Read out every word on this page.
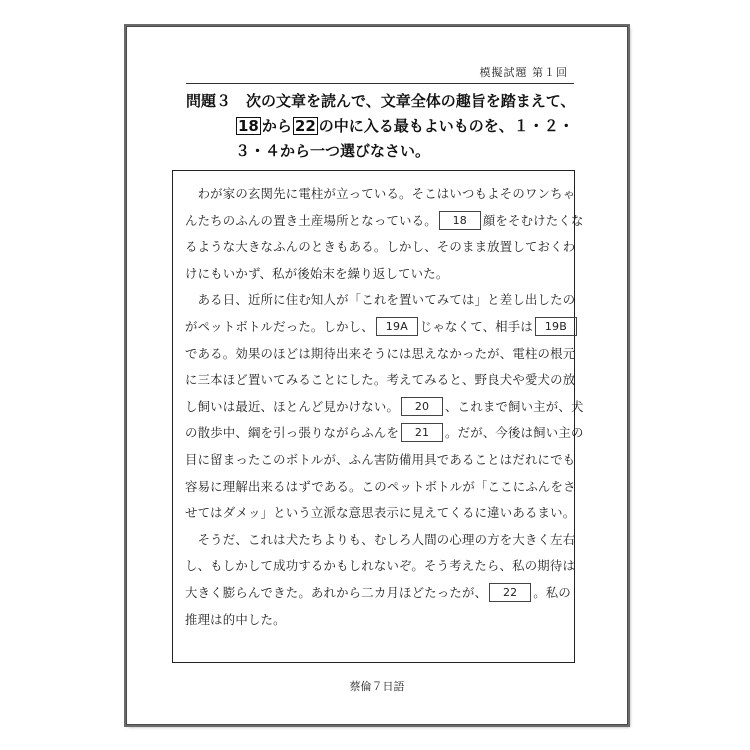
模擬試題 第１回
問題３　次の文章を読んで、文章全体の趣旨を踏まえて、
18 から 22 の中に入る最もよいものを、１・２・
３・４から一つ選びなさい。

　わが家の玄関先に電柱が立っている。そこはいつもよそのワンちゃ

んたちのふんの置き土産場所となっている。 18 顔をそむけたくな

るような大きなふんのときもある。しかし、そのまま放置しておくわ

けにもいかず、私が後始末を繰り返していた。

　ある日、近所に住む知人が「これを置いてみては」と差し出したの

がペットボトルだった。しかし、 19A じゃなくて、相手は 19B

である。効果のほどは期待出来そうには思えなかったが、電柱の根元

に三本ほど置いてみることにした。考えてみると、野良犬や愛犬の放

し飼いは最近、ほとんど見かけない。 20 、これまで飼い主が、犬

の散歩中、綱を引っ張りながらふんを 21 。だが、今後は飼い主の

目に留まったこのボトルが、ふん害防備用具であることはだれにでも

容易に理解出来るはずである。このペットボトルが「ここにふんをさ

せてはダメッ」という立派な意思表示に見えてくるに違いあるまい。

　そうだ、これは犬たちよりも、むしろ人間の心理の方を大きく左右

し、もしかして成功するかもしれないぞ。そう考えたら、私の期待は

大きく膨らんできた。あれから二カ月ほどたったが、 22 。私の

推理は的中した。

蔡倫７日語
